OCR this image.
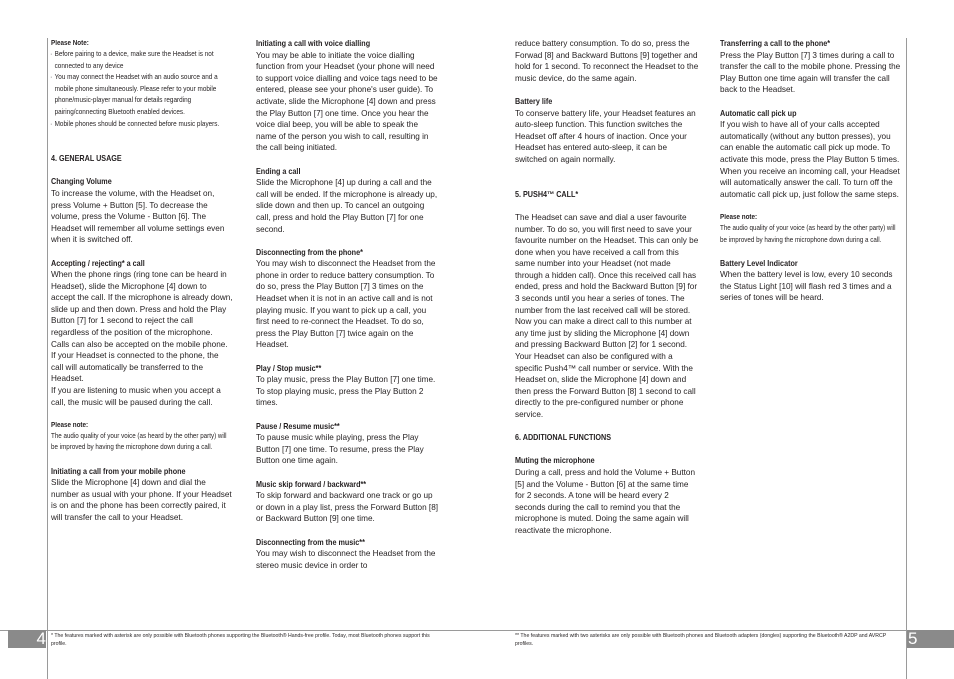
4	5
Please Note:
· Before pairing to a device, make sure the Headset is not connected to any device
· You may connect the Headset with an audio source and a mobile phone simultaneously. Please refer to your mobile phone/music-player manual for details regarding pairing/connecting Bluetooth enabled devices.
· Mobile phones should be connected before music players.
4. GENERAL USAGE
Changing Volume

To increase the volume, with the Headset on, press Volume + Button [5]. To decrease the volume, press the Volume - Button [6]. The Headset will remember all volume settings even when it is switched off.

Accepting / rejecting* a call

When the phone rings (ring tone can be heard in Headset), slide the Microphone [4] down to accept the call. If the microphone is already down, slide up and then down. Press and hold the Play Button [7] for 1 second to reject the call regardless of the position of the microphone.

Calls can also be accepted on the mobile phone. If your Headset is connected to the phone, the call will automatically be transferred to the Headset.

If you are listening to music when you accept a call, the music will be paused during the call.

Please note:
The audio quality of your voice (as heard by the other party) will be improved by having the microphone down during a call.
Initiating a call from your mobile phone

Slide the Microphone [4] down and dial the number as usual with your phone. If your Headset is on and the phone has been correctly paired, it will transfer the call to your Headset.

Initiating a call with voice dialling

You may be able to initiate the voice dialling function from your Headset (your phone will need to support voice dialling and voice tags need to be entered, please see your phone's user guide). To activate, slide the Microphone [4] down and press the Play Button [7] one time. Once you hear the voice dial beep, you will be able to speak the name of the person you wish to call, resulting in the call being initiated.

Ending a call

Slide the Microphone [4] up during a call and the call will be ended. If the microphone is already up, slide down and then up. To cancel an outgoing call, press and hold the Play Button [7] for one second.

Disconnecting from the phone*

You may wish to disconnect the Headset from the phone in order to reduce battery consumption. To do so, press the Play Button [7] 3 times on the Headset when it is not in an active call and is not playing music. If you want to pick up a call, you first need to re-connect the Headset. To do so, press the Play Button [7] twice again on the Headset.

Play / Stop music**

To play music, press the Play Button [7] one time. To stop playing music, press the Play Button 2 times.

Pause / Resume music**

To pause music while playing, press the Play Button [7] one time. To resume, press the Play Button one time again.

Music skip forward / backward**

To skip forward and backward one track or go up or down in a play list, press the Forward Button [8] or Backward Button [9] one time.

Disconnecting from the music**

You may wish to disconnect the Headset from the stereo music device in order to

reduce battery consumption. To do so, press the Forwad [8] and Backward Buttons [9] together and hold for 1 second. To reconnect the Headset to the music device, do the same again.

Battery life

To conserve battery life, your Headset features an auto-sleep function. This function switches the Headset off after 4 hours of inaction. Once your Headset has entered auto-sleep, it can be switched on again normally.

5. PUSH4™ CALL*

The Headset can save and dial a user favourite number. To do so, you will first need to save your favourite number on the Headset. This can only be done when you have received a call from this same number into your Headset (not made through a hidden call). Once this received call has ended, press and hold the Backward Button [9] for 3 seconds until you hear a series of tones. The number from the last received call will be stored.

Now you can make a direct call to this number at any time just by sliding the Microphone [4] down and pressing Backward Button [2] for 1 second.

Your Headset can also be configured with a specific Push4™ call number or service. With the Headset on, slide the Microphone [4] down and then press the Forward Button [8] 1 second to call directly to the pre-configured number or phone service.

6. ADDITIONAL FUNCTIONS
Muting the microphone

During a call, press and hold the Volume + Button [5] and the Volume - Button [6] at the same time for 2 seconds. A tone will be heard every 2 seconds during the call to remind you that the microphone is muted. Doing the same again will reactivate the microphone.

Transferring a call to the phone*

Press the Play Button [7] 3 times during a call to transfer the call to the mobile phone. Pressing the Play Button one time again will transfer the call back to the Headset.

Automatic call pick up

If you wish to have all of your calls accepted automatically (without any button presses), you can enable the automatic call pick up mode. To activate this mode, press the Play Button 5 times. When you receive an incoming call, your Headset will automatically answer the call. To turn off the automatic call pick up, just follow the same steps.

Please note:
The audio quality of your voice (as heard by the other party) will be improved by having the microphone down during a call.
Battery Level Indicator

When the battery level is low, every 10 seconds the Status Light [10] will flash red 3 times and a series of tones will be heard.

* The features marked with asterisk are only possible with Bluetooth phones supporting the Bluetooth® Hands-free profile. Today, most Bluetooth phones support this profile.
** The features marked with two asterisks are only possible with Bluetooth phones and Bluetooth adapters (dongles) supporting the Bluetooth® A2DP and AVRCP profiles.
